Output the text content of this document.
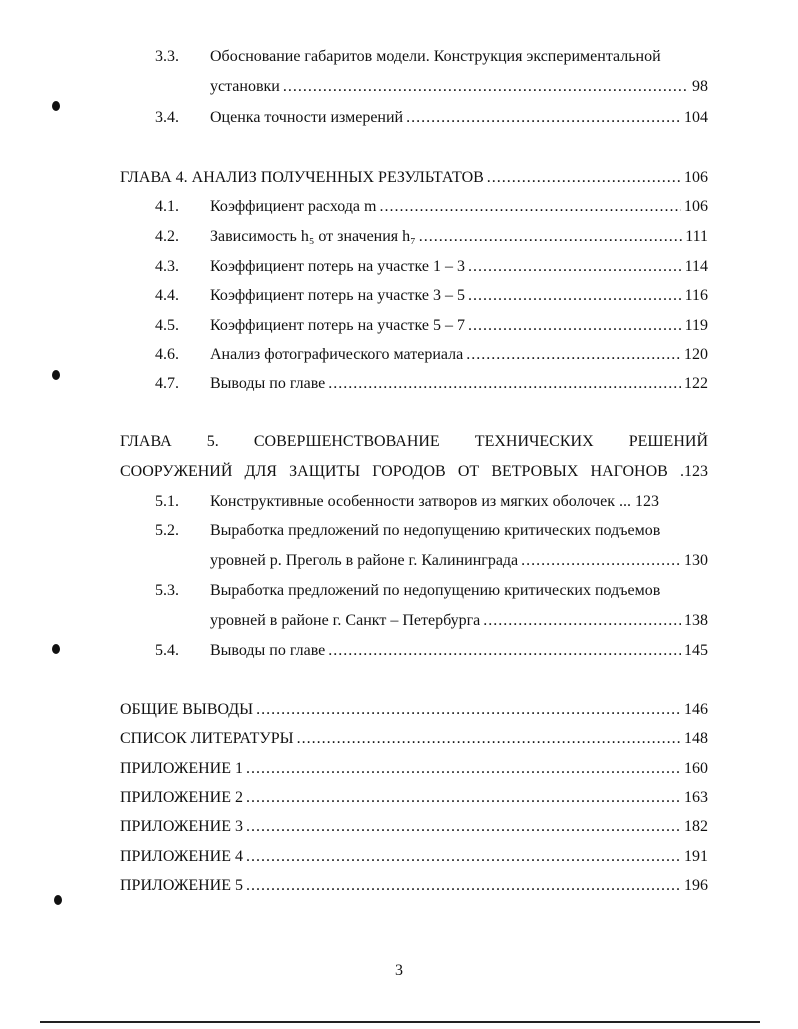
3.3.	Обоснование габаритов модели. Конструкция экспериментальной
установки .....	98
3.4.	Оценка точности измерений .....	104
ГЛАВА 4. АНАЛИЗ ПОЛУЧЕННЫХ РЕЗУЛЬТАТОВ .....	106
4.1.	Коэффициент расхода m .....	106
4.2.	Зависимость h₅ от значения h₇ .....	111
4.3.	Коэффициент потерь на участке 1 – 3 .....	114
4.4.	Коэффициент потерь на участке 3 – 5 .....	116
4.5.	Коэффициент потерь на участке 5 – 7 .....	119
4.6.	Анализ фотографического материала .....	120
4.7.	Выводы по главе .....	122
ГЛАВА 5. СОВЕРШЕНСТВОВАНИЕ ТЕХНИЧЕСКИХ РЕШЕНИЙ
СООРУЖЕНИЙ ДЛЯ ЗАЩИТЫ ГОРОДОВ ОТ ВЕТРОВЫХ НАГОНОВ .123
5.1.	Конструктивные особенности затворов из мягких оболочек ... 123
5.2.	Выработка предложений по недопущению критических подъемов
уровней р. Преголь в районе г. Калининграда .....	130
5.3.	Выработка предложений по недопущению критических подъемов
уровней в районе г. Санкт – Петербурга .....	138
5.4.	Выводы по главе .....	145
ОБЩИЕ ВЫВОДЫ .....	146
СПИСОК ЛИТЕРАТУРЫ .....	148
ПРИЛОЖЕНИЕ 1 .....	160
ПРИЛОЖЕНИЕ 2 .....	163
ПРИЛОЖЕНИЕ 3 .....	182
ПРИЛОЖЕНИЕ 4 .....	191
ПРИЛОЖЕНИЕ 5 .....	196
3
